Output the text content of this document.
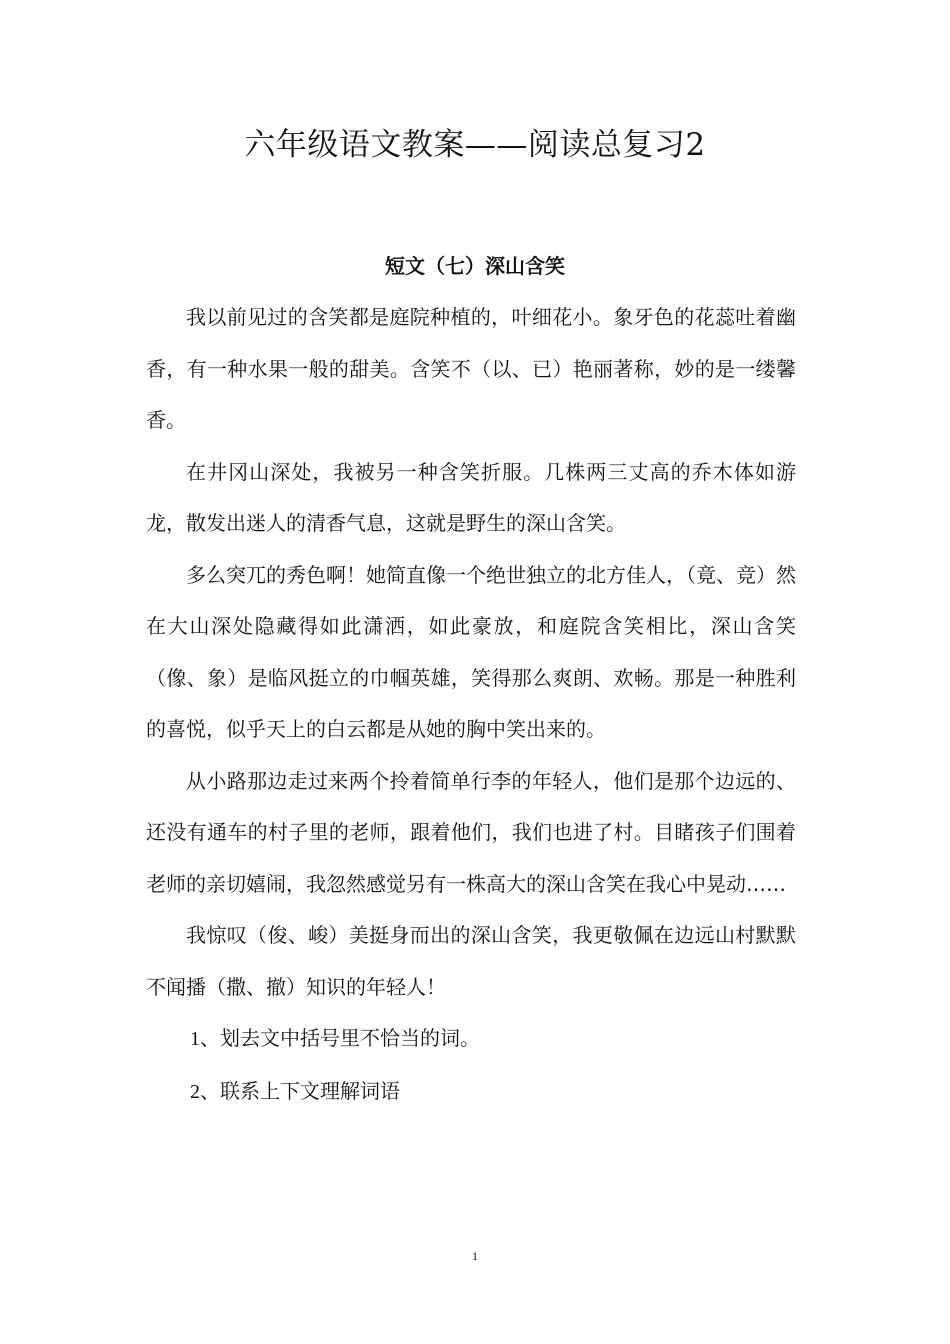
六年级语文教案——阅读总复习2
短文（七）深山含笑

我以前见过的含笑都是庭院种植的，叶细花小。象牙色的花蕊吐着幽香，有一种水果一般的甜美。含笑不（以、已）艳丽著称，妙的是一缕馨香。

在井冈山深处，我被另一种含笑折服。几株两三丈高的乔木体如游龙，散发出迷人的清香气息，这就是野生的深山含笑。

多么突兀的秀色啊！她简直像一个绝世独立的北方佳人，（竟、竞）然在大山深处隐藏得如此潇洒，如此豪放，和庭院含笑相比，深山含笑（像、象）是临风挺立的巾帼英雄，笑得那么爽朗、欢畅。那是一种胜利的喜悦，似乎天上的白云都是从她的胸中笑出来的。

从小路那边走过来两个拎着简单行李的年轻人，他们是那个边远的、还没有通车的村子里的老师，跟着他们，我们也进了村。目睹孩子们围着老师的亲切嬉闹，我忽然感觉另有一株高大的深山含笑在我心中晃动……

我惊叹（俊、峻）美挺身而出的深山含笑，我更敬佩在边远山村默默不闻播（撒、撤）知识的年轻人！

1、划去文中括号里不恰当的词。

2、联系上下文理解词语

1
